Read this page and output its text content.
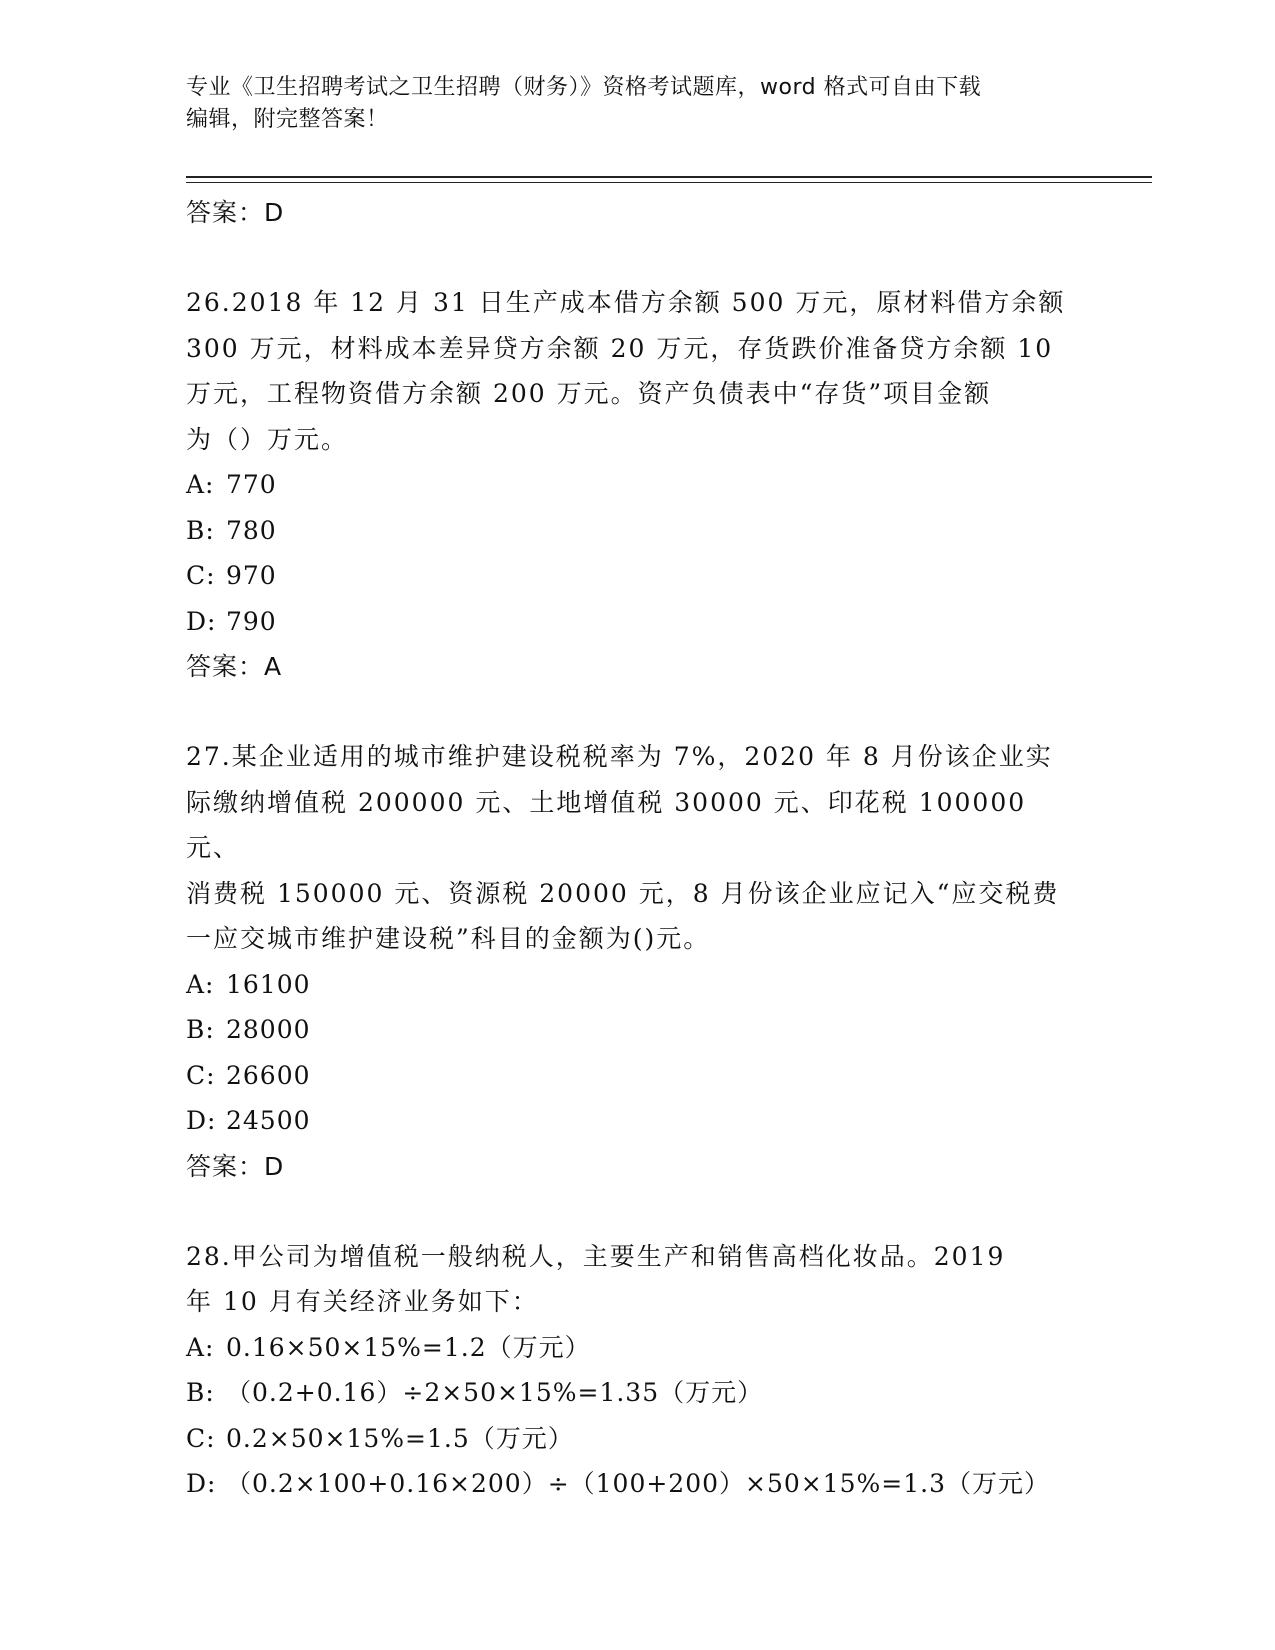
专业《卫生招聘考试之卫生招聘（财务）》资格考试题库，word 格式可自由下载
编辑，附完整答案！
答案：D
26.2018 年 12 月 31 日生产成本借方余额 500 万元，原材料借方余额
300 万元，材料成本差异贷方余额 20 万元，存货跌价准备贷方余额 10
万元，工程物资借方余额 200 万元。资产负债表中“存货”项目金额
为（）万元。
A: 770
B: 780
C: 970
D: 790
答案：A
27.某企业适用的城市维护建设税税率为 7%，2020 年 8 月份该企业实
际缴纳增值税 200000 元、土地增值税 30000 元、印花税 100000 元、
消费税 150000 元、资源税 20000 元，8 月份该企业应记入“应交税费
一应交城市维护建设税”科目的金额为()元。
A: 16100
B: 28000
C: 26600
D: 24500
答案：D
28.甲公司为增值税一般纳税人，主要生产和销售高档化妆品。2019
年 10 月有关经济业务如下：
A: 0.16×50×15%=1.2（万元）
B: （0.2+0.16）÷2×50×15%=1.35（万元）
C: 0.2×50×15%=1.5（万元）
D: （0.2×100+0.16×200）÷（100+200）×50×15%=1.3（万元）
